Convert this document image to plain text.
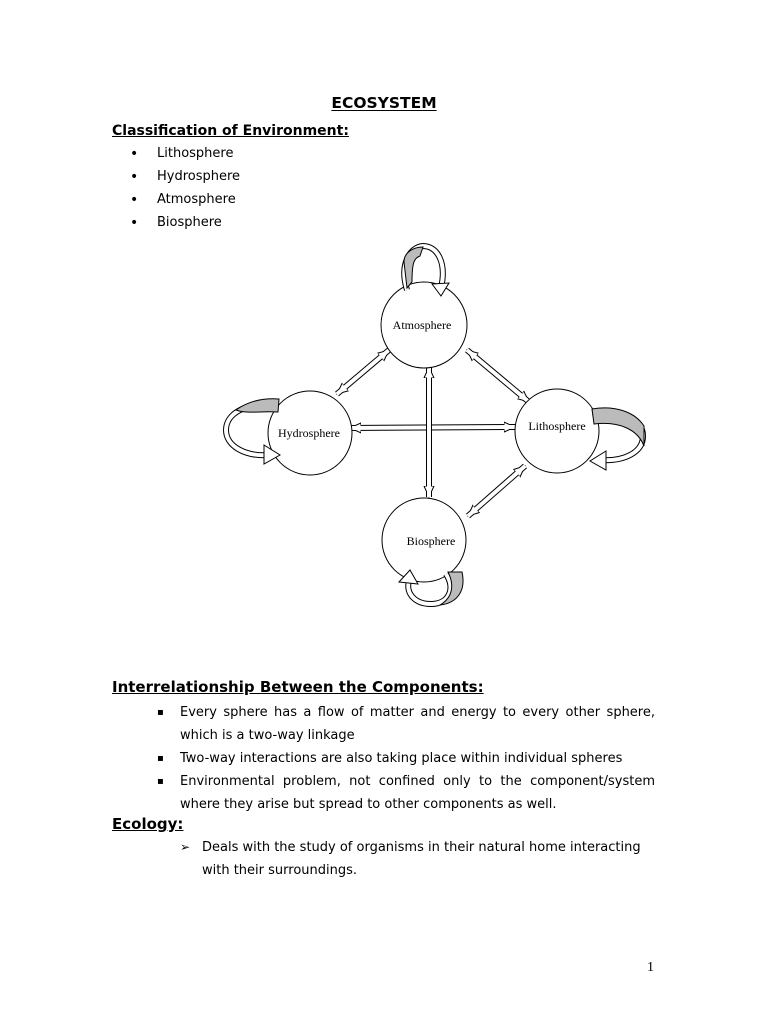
ECOSYSTEM
Classification of Environment:
• Lithosphere
• Hydrosphere
• Atmosphere
• Biosphere
Atmosphere
Hydrosphere	Lithosphere
Biosphere
Interrelationship Between the Components:
▪ Every sphere has a flow of matter and energy to every other sphere, which is a two-way linkage
▪ Two-way interactions are also taking place within individual spheres
▪ Environmental problem, not confined only to the component/system where they arise but spread to other components as well.
Ecology:
➢ Deals with the study of organisms in their natural home interacting with their surroundings.
1
